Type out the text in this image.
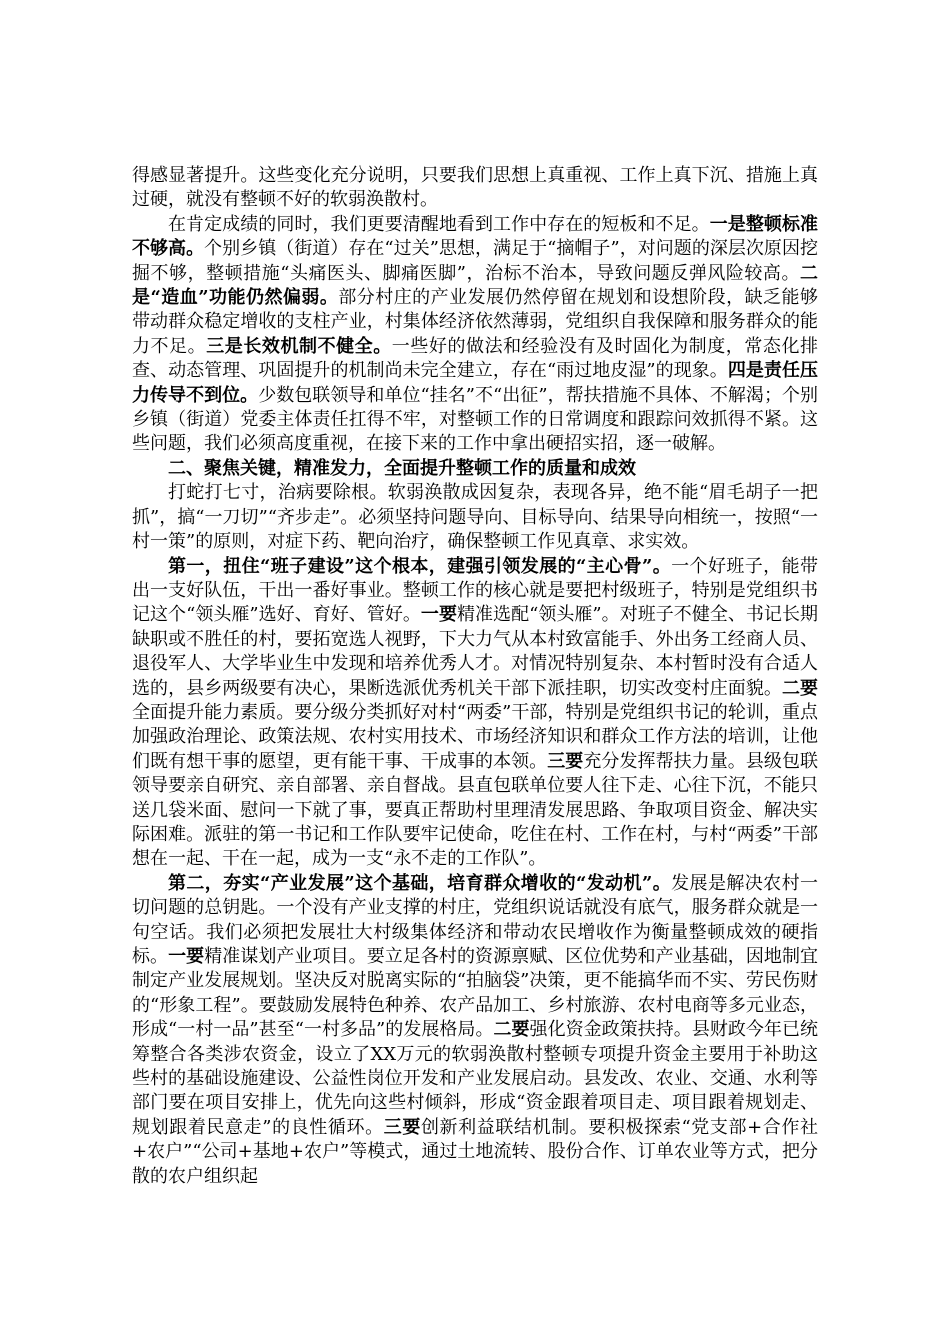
得感显著提升。这些变化充分说明，只要我们思想上真重视、工作上真下沉、措施上真过硬，就没有整顿不好的软弱涣散村。

在肯定成绩的同时，我们更要清醒地看到工作中存在的短板和不足。一是整顿标准不够高。个别乡镇（街道）存在“过关”思想，满足于“摘帽子”，对问题的深层次原因挖掘不够，整顿措施“头痛医头、脚痛医脚”，治标不治本，导致问题反弹风险较高。二是“造血”功能仍然偏弱。部分村庄的产业发展仍然停留在规划和设想阶段，缺乏能够带动群众稳定增收的支柱产业，村集体经济依然薄弱，党组织自我保障和服务群众的能力不足。三是长效机制不健全。一些好的做法和经验没有及时固化为制度，常态化排查、动态管理、巩固提升的机制尚未完全建立，存在“雨过地皮湿”的现象。四是责任压力传导不到位。少数包联领导和单位“挂名”不“出征”，帮扶措施不具体、不解渴；个别乡镇（街道）党委主体责任扛得不牢，对整顿工作的日常调度和跟踪问效抓得不紧。这些问题，我们必须高度重视，在接下来的工作中拿出硬招实招，逐一破解。

二、聚焦关键，精准发力，全面提升整顿工作的质量和成效

打蛇打七寸，治病要除根。软弱涣散成因复杂，表现各异，绝不能“眉毛胡子一把抓”，搞“一刀切”“齐步走”。必须坚持问题导向、目标导向、结果导向相统一，按照“一村一策”的原则，对症下药、靶向治疗，确保整顿工作见真章、求实效。

第一，扭住“班子建设”这个根本，建强引领发展的“主心骨”。一个好班子，能带出一支好队伍，干出一番好事业。整顿工作的核心就是要把村级班子，特别是党组织书记这个“领头雁”选好、育好、管好。一要精准选配“领头雁”。对班子不健全、书记长期缺职或不胜任的村，要拓宽选人视野，下大力气从本村致富能手、外出务工经商人员、退役军人、大学毕业生中发现和培养优秀人才。对情况特别复杂、本村暂时没有合适人选的，县乡两级要有决心，果断选派优秀机关干部下派挂职，切实改变村庄面貌。二要全面提升能力素质。要分级分类抓好对村“两委”干部，特别是党组织书记的轮训，重点加强政治理论、政策法规、农村实用技术、市场经济知识和群众工作方法的培训，让他们既有想干事的愿望，更有能干事、干成事的本领。三要充分发挥帮扶力量。县级包联领导要亲自研究、亲自部署、亲自督战。县直包联单位要人往下走、心往下沉，不能只送几袋米面、慰问一下就了事，要真正帮助村里理清发展思路、争取项目资金、解决实际困难。派驻的第一书记和工作队要牢记使命，吃住在村、工作在村，与村“两委”干部想在一起、干在一起，成为一支“永不走的工作队”。

第二，夯实“产业发展”这个基础，培育群众增收的“发动机”。发展是解决农村一切问题的总钥匙。一个没有产业支撑的村庄，党组织说话就没有底气，服务群众就是一句空话。我们必须把发展壮大村级集体经济和带动农民增收作为衡量整顿成效的硬指标。一要精准谋划产业项目。要立足各村的资源禀赋、区位优势和产业基础，因地制宜制定产业发展规划。坚决反对脱离实际的“拍脑袋”决策，更不能搞华而不实、劳民伤财的“形象工程”。要鼓励发展特色种养、农产品加工、乡村旅游、农村电商等多元业态，形成“一村一品”甚至“一村多品”的发展格局。二要强化资金政策扶持。县财政今年已统筹整合各类涉农资金，设立了XX万元的软弱涣散村整顿专项提升资金主要用于补助这些村的基础设施建设、公益性岗位开发和产业发展启动。县发改、农业、交通、水利等部门要在项目安排上，优先向这些村倾斜，形成“资金跟着项目走、项目跟着规划走、规划跟着民意走”的良性循环。三要创新利益联结机制。要积极探索“党支部+合作社+农户”“公司+基地+农户”等模式，通过土地流转、股份合作、订单农业等方式，把分散的农户组织起
